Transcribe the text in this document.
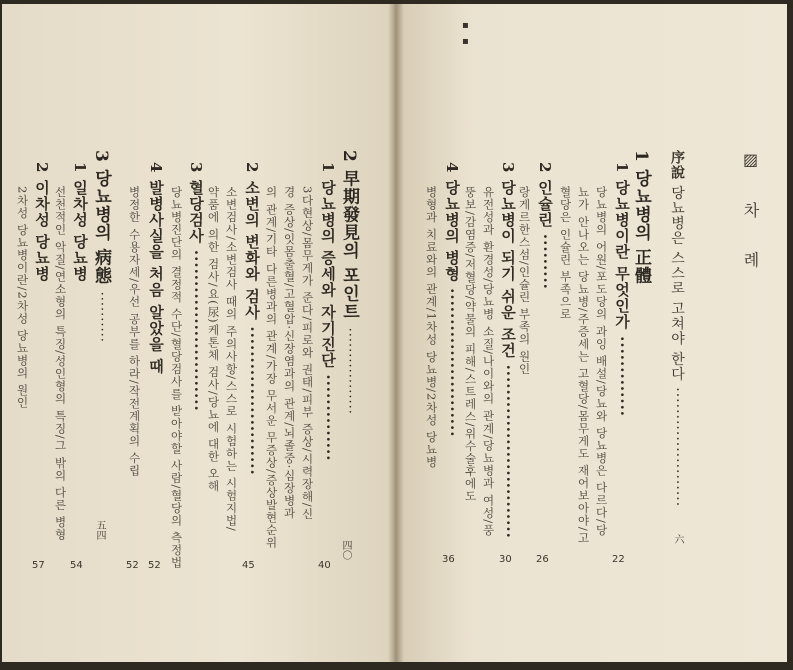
▪
▪
▨ 차 례
序說 당뇨병은 스스로 고쳐야 한다 ······················
六
1 당뇨병의 正體
1 당뇨병이란 무엇인가 ·············
당뇨병의 어원/포도당의 과잉 배설/당뇨와 당뇨병은 다르다/당
뇨가 안나오는 당뇨병/주증세는 고혈당/몸무게도 재어보아야/고
혈당은 인슐린 부족으로
22
2 인슐린 ·········
랑게르한스섬/인슐린 부족의 원인
26
3 당뇨병이 되기 쉬운 조건 ····························
유전성과 환경성/당뇨병 소질/나이와의 관계/당뇨병과 여성/풍
뚱보/감염증/저혈당/약물의 피해/스트레스/위수술후에도
30
4 당뇨병의 병형 ························
병형과 치료와의 관계/1차성 당뇨병/2차성 당뇨병
36
2 早期發見의 포인트 ·················
四〇
1 당뇨병의 증세와 자기진단 ··············
3다현상/몸무게가 준다/피로와 권태/피부 증상/시력장해/신
경 증상/잇몸출혈/고혈압·신장염과의 관계/뇌졸중·심장병과
의 관계/기타 다른병과의 관계/가장 무서운 무증상/증상발현순위
40
2 소변의 변화와 검사 ························
소변검사/소변검사 때의 주의사항/스스로 시험하는 시험지법/
약품에 의한 검사/요(尿)케톤체 검사/당뇨에 대한 오해
45
3 혈당검사 ··························
당뇨병진단의 결정적 수단/혈당검사를 받아야할 사람/혈당의 측정법
52
4 발병사실을 처음 알았을 때
병정한 수용자세/우선 공부를 하라/작전계획의 수립
52
3 당뇨병의 病態 ··········
五四
1 일차성 당뇨병
선천적인 악질/연소형의 특징/성인형의 특징/그 밖의 다른 병형
54
2 이차성 당뇨병
2차성 당뇨병이란/2차성 당뇨병의 원인
57
